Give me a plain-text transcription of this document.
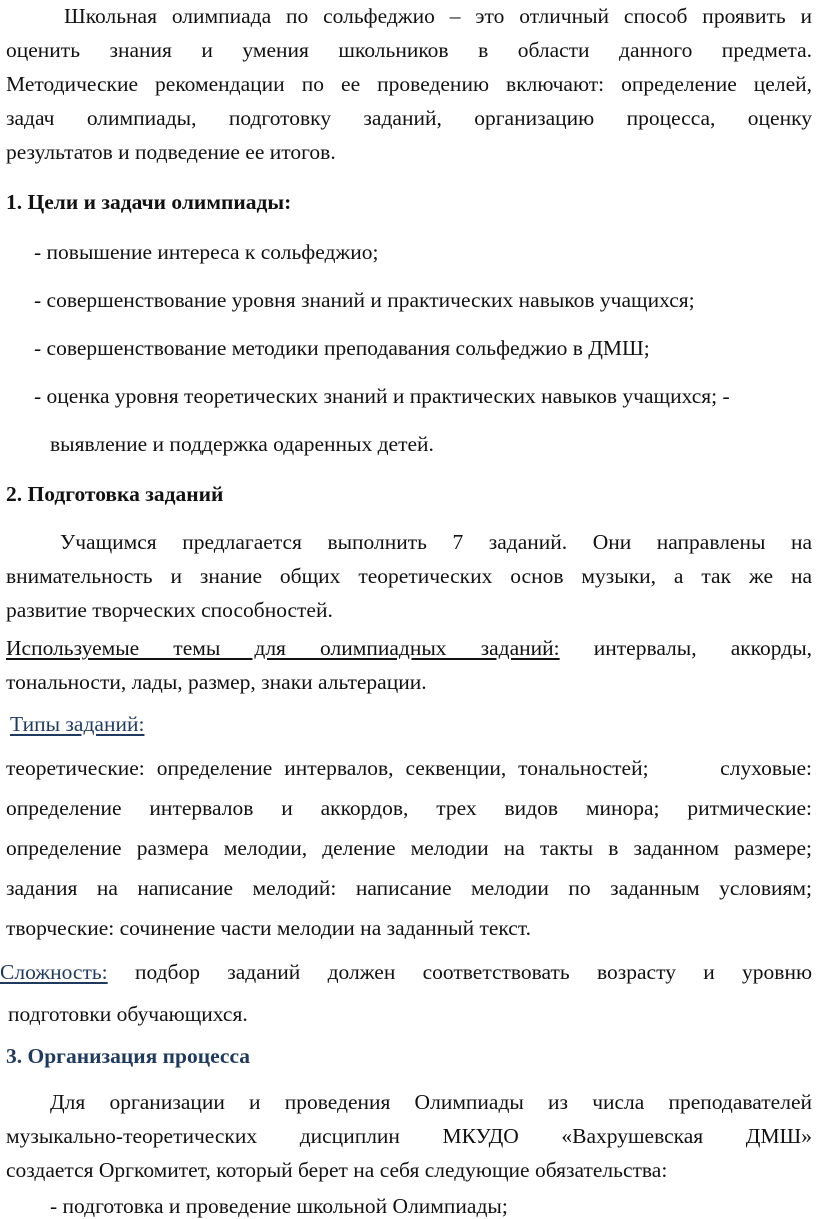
Школьная олимпиада по сольфеджио – это отличный способ проявить и

оценить знания и умения школьников в области данного предмета.

Методические рекомендации по ее проведению включают: определение целей,

задач олимпиады, подготовку заданий, организацию процесса, оценку

результатов и подведение ее итогов.

1. Цели и задачи олимпиады:

- повышение интереса к сольфеджио;

- совершенствование уровня знаний и практических навыков учащихся;

- совершенствование методики преподавания сольфеджио в ДМШ;

- оценка уровня теоретических знаний и практических навыков учащихся; -

выявление и поддержка одаренных детей.

2. Подготовка заданий

Учащимся предлагается выполнить 7 заданий. Они направлены на

внимательность и знание общих теоретических основ музыки, а так же на

развитие творческих способностей.

Используемые темы для олимпиадных заданий: интервалы, аккорды,

тональности, лады, размер, знаки альтерации.

Типы заданий:

теоретические: определение интервалов, секвенции, тональностей;      слуховые:

определение интервалов и аккордов, трех видов минора; ритмические:

определение размера мелодии, деление мелодии на такты в заданном размере;

задания на написание мелодий: написание мелодии по заданным условиям;

творческие: сочинение части мелодии на заданный текст.

Сложность: подбор заданий должен соответствовать возрасту и уровню

подготовки обучающихся.

3. Организация процесса

Для организации и проведения Олимпиады из числа преподавателей

музыкально-теоретических дисциплин МКУДО «Вахрушевская ДМШ»

создается Оргкомитет, который берет на себя следующие обязательства:

- подготовка и проведение школьной Олимпиады;
